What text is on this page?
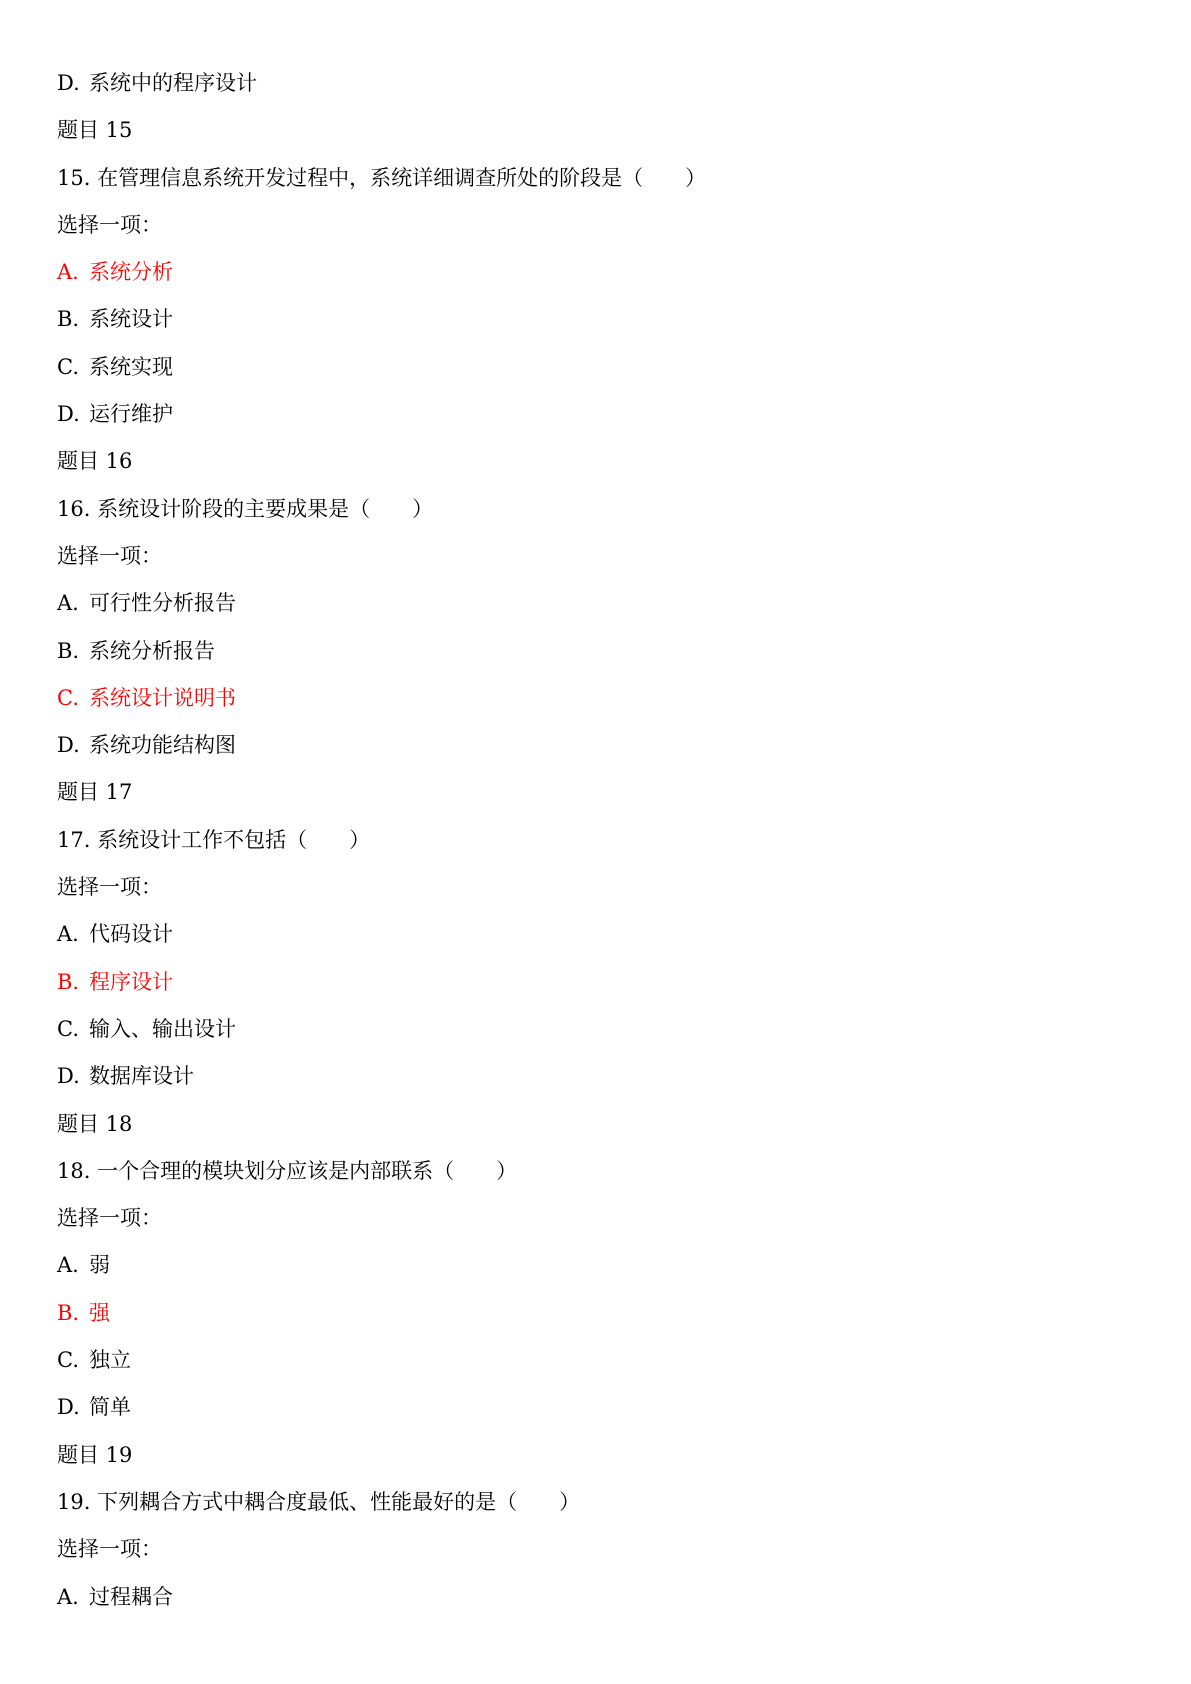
D. 系统中的程序设计
题目 15
15. 在管理信息系统开发过程中，系统详细调查所处的阶段是（　　）
选择一项：
A. 系统分析
B. 系统设计
C. 系统实现
D. 运行维护
题目 16
16. 系统设计阶段的主要成果是（　　）
选择一项：
A. 可行性分析报告
B. 系统分析报告
C. 系统设计说明书
D. 系统功能结构图
题目 17
17. 系统设计工作不包括（　　）
选择一项：
A. 代码设计
B. 程序设计
C. 输入、输出设计
D. 数据库设计
题目 18
18. 一个合理的模块划分应该是内部联系（　　）
选择一项：
A. 弱
B. 强
C. 独立
D. 简单
题目 19
19. 下列耦合方式中耦合度最低、性能最好的是（　　）
选择一项：
A. 过程耦合
